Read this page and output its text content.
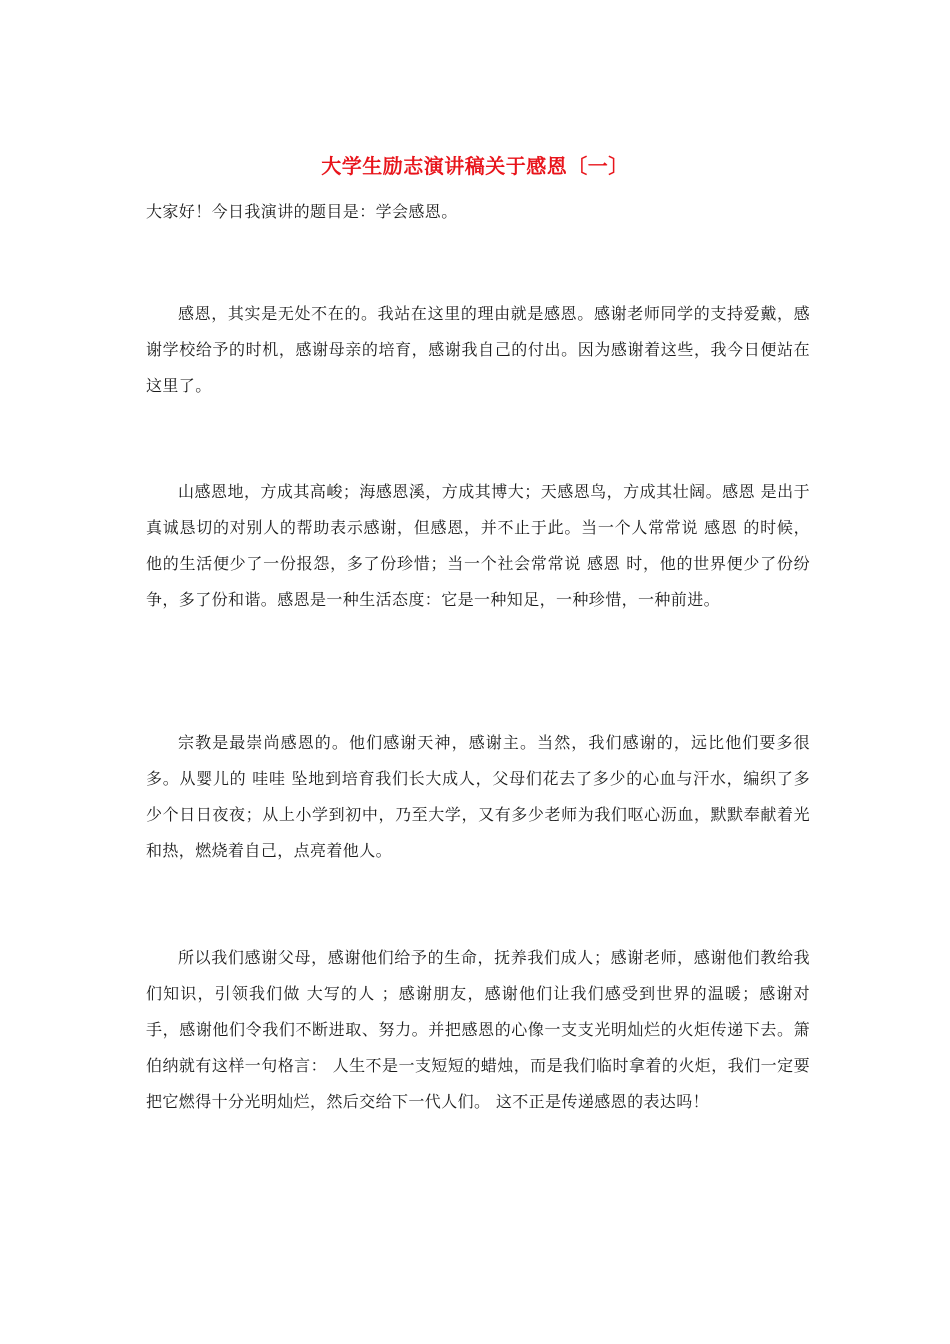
大学生励志演讲稿关于感恩〔一〕
大家好！今日我演讲的题目是：学会感恩。
感恩，其实是无处不在的。我站在这里的理由就是感恩。感谢老师同学的支持爱戴，感谢学校给予的时机，感谢母亲的培育，感谢我自己的付出。因为感谢着这些，我今日便站在这里了。
山感恩地，方成其高峻；海感恩溪，方成其博大；天感恩鸟，方成其壮阔。感恩 是出于真诚恳切的对别人的帮助表示感谢，但感恩，并不止于此。当一个人常常说 感恩 的时候，他的生活便少了一份报怨，多了份珍惜；当一个社会常常说 感恩 时，他的世界便少了份纷争，多了份和谐。感恩是一种生活态度：它是一种知足，一种珍惜，一种前进。
宗教是最崇尚感恩的。他们感谢天神，感谢主。当然，我们感谢的，远比他们要多很多。从婴儿的 哇哇 坠地到培育我们长大成人，父母们花去了多少的心血与汗水，编织了多少个日日夜夜；从上小学到初中，乃至大学，又有多少老师为我们呕心沥血，默默奉献着光和热，燃烧着自己，点亮着他人。
所以我们感谢父母，感谢他们给予的生命，抚养我们成人；感谢老师，感谢他们教给我们知识，引领我们做 大写的人 ；感谢朋友，感谢他们让我们感受到世界的温暖；感谢对手，感谢他们令我们不断进取、努力。并把感恩的心像一支支光明灿烂的火炬传递下去。箫伯纳就有这样一句格言： 人生不是一支短短的蜡烛，而是我们临时拿着的火炬，我们一定要把它燃得十分光明灿烂，然后交给下一代人们。 这不正是传递感恩的表达吗！
